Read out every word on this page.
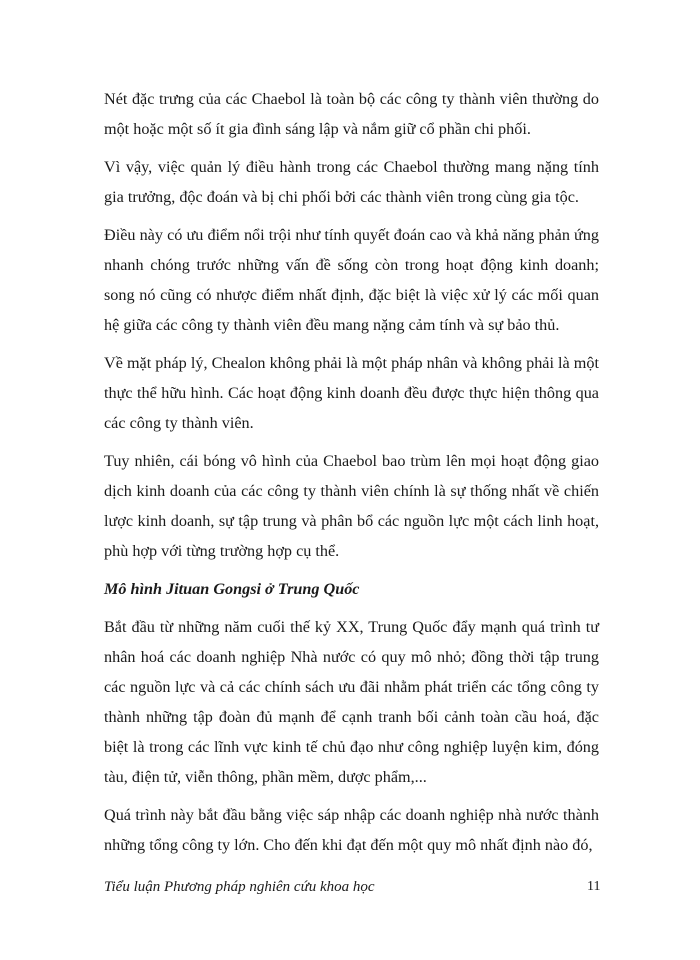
Nét đặc trưng của các Chaebol là toàn bộ các công ty thành viên thường do một hoặc một số ít gia đình sáng lập và nắm giữ cổ phần chi phối.

Vì vậy, việc quản lý điều hành trong các Chaebol thường mang nặng tính gia trưởng, độc đoán và bị chi phối bởi các thành viên trong cùng gia tộc.

Điều này có ưu điểm nổi trội như tính quyết đoán cao và khả năng phản ứng nhanh chóng trước những vấn đề sống còn trong hoạt động kinh doanh; song nó cũng có nhược điểm nhất định, đặc biệt là việc xử lý các mối quan hệ giữa các công ty thành viên đều mang nặng cảm tính và sự bảo thủ.

Về mặt pháp lý, Chealon không phải là một pháp nhân và không phải là một thực thể hữu hình. Các hoạt động kinh doanh đều được thực hiện thông qua các công ty thành viên.

Tuy nhiên, cái bóng vô hình của Chaebol bao trùm lên mọi hoạt động giao dịch kinh doanh của các công ty thành viên chính là sự thống nhất về chiến lược kinh doanh, sự tập trung và phân bổ các nguồn lực một cách linh hoạt, phù hợp với từng trường hợp cụ thể.

Mô hình Jituan Gongsi ở Trung Quốc

Bắt đầu từ những năm cuối thế kỷ XX, Trung Quốc đẩy mạnh quá trình tư nhân hoá các doanh nghiệp Nhà nước có quy mô nhỏ; đồng thời tập trung các nguồn lực và cả các chính sách ưu đãi nhằm phát triển các tổng công ty thành những tập đoàn đủ mạnh để cạnh tranh bối cảnh toàn cầu hoá, đặc biệt là trong các lĩnh vực kinh tế chủ đạo như công nghiệp luyện kim, đóng tàu, điện tử, viễn thông, phần mềm, dược phẩm,...

Quá trình này bắt đầu bằng việc sáp nhập các doanh nghiệp nhà nước thành những tổng công ty lớn. Cho đến khi đạt đến một quy mô nhất định nào đó,

Tiểu luận Phương pháp nghiên cứu khoa học	11
